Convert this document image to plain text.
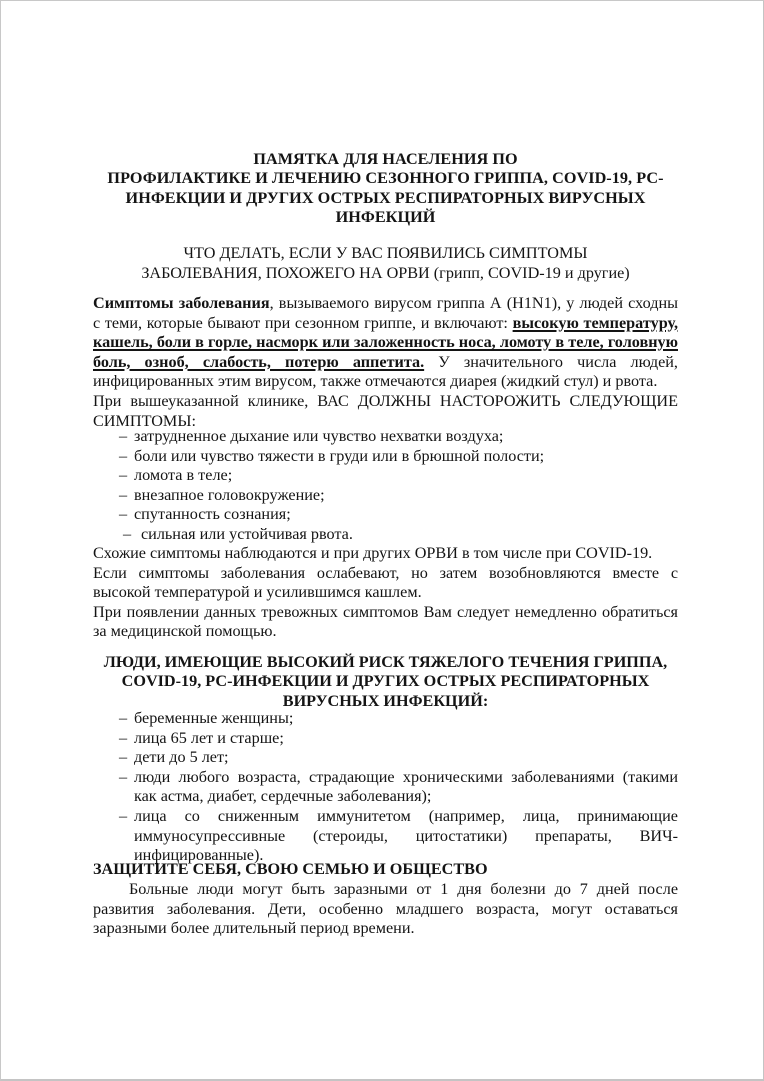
ПАМЯТКА ДЛЯ НАСЕЛЕНИЯ ПО
ПРОФИЛАКТИКЕ И ЛЕЧЕНИЮ СЕЗОННОГО ГРИППА, COVID-19, РС-
ИНФЕКЦИИ И ДРУГИХ ОСТРЫХ РЕСПИРАТОРНЫХ ВИРУСНЫХ
ИНФЕКЦИЙ
ЧТО ДЕЛАТЬ, ЕСЛИ У ВАС ПОЯВИЛИСЬ СИМПТОМЫ
ЗАБОЛЕВАНИЯ, ПОХОЖЕГО НА ОРВИ (грипп, COVID-19 и другие)
Симптомы заболевания, вызываемого вирусом гриппа А (H1N1), у людей сходны с теми, которые бывают при сезонном гриппе, и включают: высокую температуру, кашель, боли в горле, насморк или заложенность носа, ломоту в теле, головную боль, озноб, слабость, потерю аппетита. У значительного числа людей, инфицированных этим вирусом, также отмечаются диарея (жидкий стул) и рвота.
При вышеуказанной клинике, ВАС ДОЛЖНЫ НАСТОРОЖИТЬ СЛЕДУЮЩИЕ СИМПТОМЫ:
– затрудненное дыхание или чувство нехватки воздуха;
– боли или чувство тяжести в груди или в брюшной полости;
– ломота в теле;
– внезапное головокружение;
– спутанность сознания;
– сильная или устойчивая рвота.
Схожие симптомы наблюдаются и при других ОРВИ в том числе при COVID-19.
Если симптомы заболевания ослабевают, но затем возобновляются вместе с высокой температурой и усилившимся кашлем.
При появлении данных тревожных симптомов Вам следует немедленно обратиться за медицинской помощью.
ЛЮДИ, ИМЕЮЩИЕ ВЫСОКИЙ РИСК ТЯЖЕЛОГО ТЕЧЕНИЯ ГРИППА,
COVID-19, РС-ИНФЕКЦИИ И ДРУГИХ ОСТРЫХ РЕСПИРАТОРНЫХ
ВИРУСНЫХ ИНФЕКЦИЙ:
– беременные женщины;
– лица 65 лет и старше;
– дети до 5 лет;
– люди любого возраста, страдающие хроническими заболеваниями (такими как астма, диабет, сердечные заболевания);
– лица со сниженным иммунитетом (например, лица, принимающие иммуносупрессивные (стероиды, цитостатики) препараты, ВИЧ-инфицированные).
ЗАЩИТИТЕ СЕБЯ, СВОЮ СЕМЬЮ И ОБЩЕСТВО
Больные люди могут быть заразными от 1 дня болезни до 7 дней после развития заболевания. Дети, особенно младшего возраста, могут оставаться заразными более длительный период времени.
